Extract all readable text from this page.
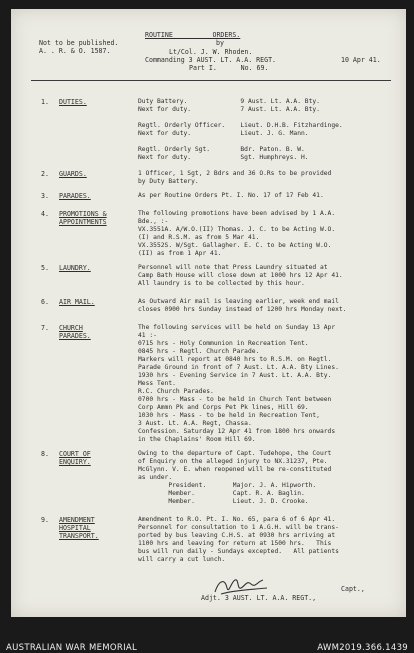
Not to be published.
A. . R. & O. 1587.
ROUTINE          ORDERS.
by
Lt/Col. J. W. Rhoden.
Commanding 3 AUST. LT. A.A. REGT.
Part I.      No. 69.
10 Apr 41.
1. DUTIES.	Duty Battery.              9 Aust. Lt. A.A. Bty.
Next for duty.             7 Aust. Lt. A.A. Bty.
Regtl. Orderly Officer.    Lieut. D.H.B. Fitzhardinge.
Next for duty.             Lieut. J. G. Mann.
Regtl. Orderly Sgt.        Bdr. Paton. B. W.
Next for duty.             Sgt. Humphreys. H.
2. GUARDS.	1 Officer, 1 Sgt, 2 Bdrs and 36 O.Rs to be provided
by Duty Battery.
3. PARADES.	As per Routine Orders Pt. I. No. 17 of 17 Feb 41.
4. PROMOTIONS &
APPOINTMENTS
The following promotions have been advised by 1 A.A.
Bde., :-
VX.3551A. A/W.O.(II) Thomas. J. C. to be Acting W.O.
(I) and R.S.M. as from 5 Mar 41.
VX.3552S. W/Sgt. Gallagher. E. C. to be Acting W.O.
(II) as from 1 Apr 41.
5. LAUNDRY.	Personnel will note that Press Laundry situated at
Camp Bath House will close down at 1000 hrs 12 Apr 41.
All laundry is to be collected by this hour.
6. AIR MAIL.	As Outward Air mail is leaving earlier, week end mail
closes 0900 hrs Sunday instead of 1200 hrs Monday next.
7. CHURCH
PARADES.
The following services will be held on Sunday 13 Apr
41 :-
0715 hrs - Holy Communion in Recreation Tent.
0845 hrs - Regtl. Church Parade.
Markers will report at 0840 hrs to R.S.M. on Regtl.
Parade Ground in front of 7 Aust. Lt. A.A. Bty Lines.
1930 hrs - Evening Service in 7 Aust. Lt. A.A. Bty.
Mess Tent.
R.C. Church Parades.
0700 hrs - Mass - to be held in Church Tent between
Corp Ammn Pk and Corps Pet Pk lines, Hill 69.
1030 hrs - Mass - to be held in Recreation Tent,
3 Aust. Lt. A.A. Regt, Chassa.
Confession. Saturday 12 Apr 41 from 1800 hrs onwards
in the Chaplains' Room Hill 69.
8. COURT OF
ENQUIRY.
Owing to the departure of Capt. Tudehope, the Court
of Enquiry on the alleged injury to NX.31237, Pte.
McGlynn. V. E. when reopened will be re-constituted
as under.
President.       Major. J. A. Hipworth.
Member.          Capt. R. A. Baglin.
Member.          Lieut. J. D. Crooke.
9. AMENDMENT
HOSPITAL
TRANSPORT.
Amendment to R.O. Pt. I. No. 65, para 6 of 6 Apr 41.
Personnel for consultation to 1 A.G.H. will be trans-
ported by bus leaving C.H.S. at 0930 hrs arriving at
1100 hrs and leaving for return at 1500 hrs.   This
bus will run daily - Sundays excepted.   All patients
will carry a cut lunch.
Capt.,
Adjt. 3 AUST. LT. A.A. REGT.,
AUSTRALIAN WAR MEMORIAL	AWM2019.366.1439
